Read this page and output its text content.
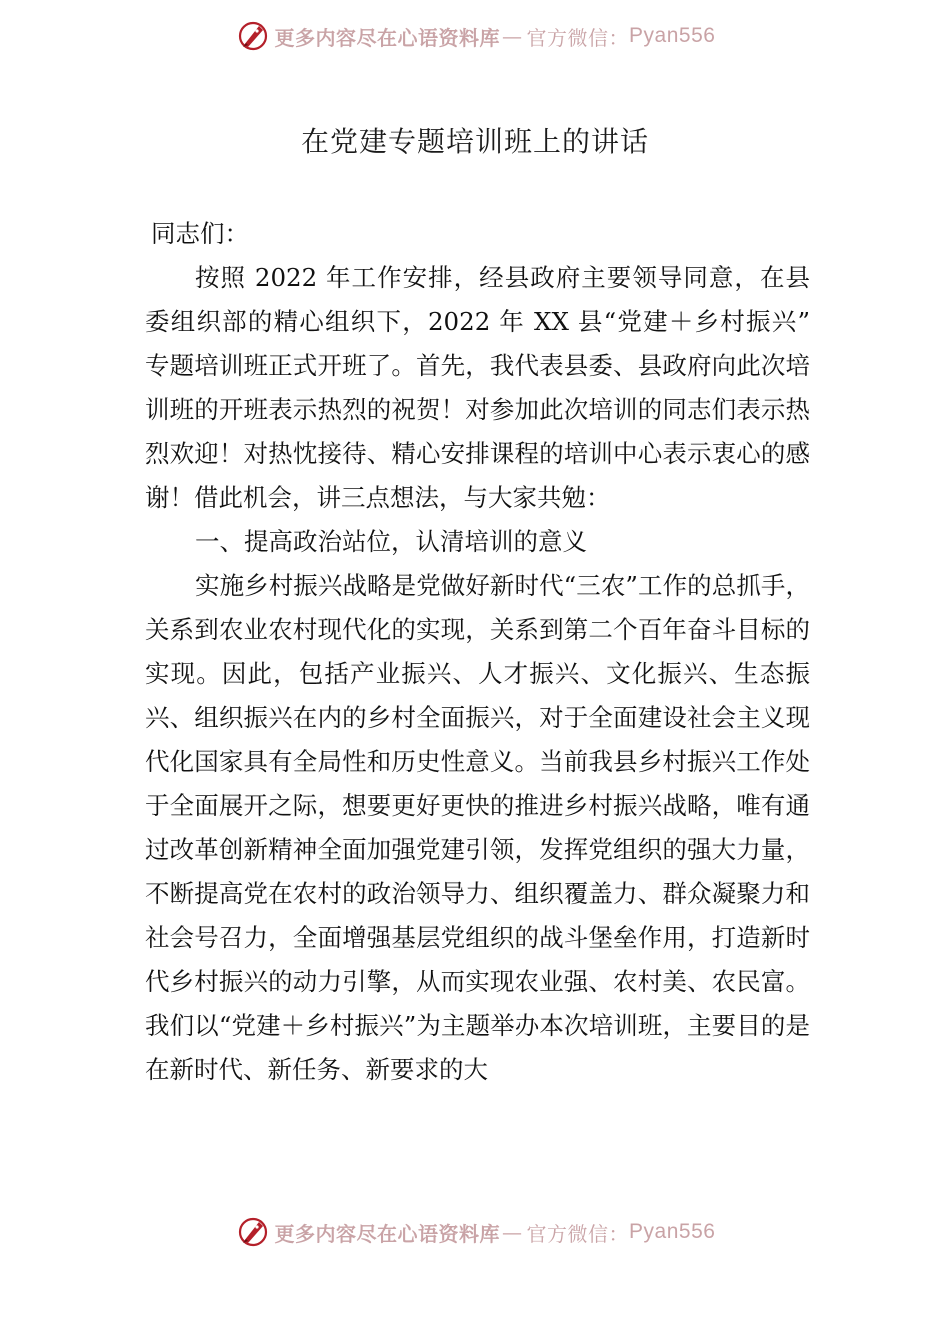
更多内容尽在心语资料库 — 官方微信： Pyan556
在党建专题培训班上的讲话

同志们：

按照 2022 年工作安排，经县政府主要领导同意，在县委组织部的精心组织下，2022 年 XX 县“党建＋乡村振兴” 专题培训班正式开班了。首先，我代表县委、县政府向此次培训班的开班表示热烈的祝贺！对参加此次培训的同志们表示热烈欢迎！对热忱接待、精心安排课程的培训中心表示衷心的感谢！借此机会，讲三点想法，与大家共勉：

一、提高政治站位，认清培训的意义

实施乡村振兴战略是党做好新时代“三农”工作的总抓手，关系到农业农村现代化的实现，关系到第二个百年奋斗目标的实现。因此，包括产业振兴、人才振兴、文化振兴、生态振兴、组织振兴在内的乡村全面振兴，对于全面建设社会主义现代化国家具有全局性和历史性意义。当前我县乡村振兴工作处于全面展开之际，想要更好更快的推进乡村振兴战略，唯有通过改革创新精神全面加强党建引领，发挥党组织的强大力量，不断提高党在农村的政治领导力、组织覆盖力、群众凝聚力和社会号召力，全面增强基层党组织的战斗堡垒作用，打造新时代乡村振兴的动力引擎，从而实现农业强、农村美、农民富。我们以“党建＋乡村振兴”为主题举办本次培训班，主要目的是在新时代、新任务、新要求的大

更多内容尽在心语资料库 — 官方微信： Pyan556
